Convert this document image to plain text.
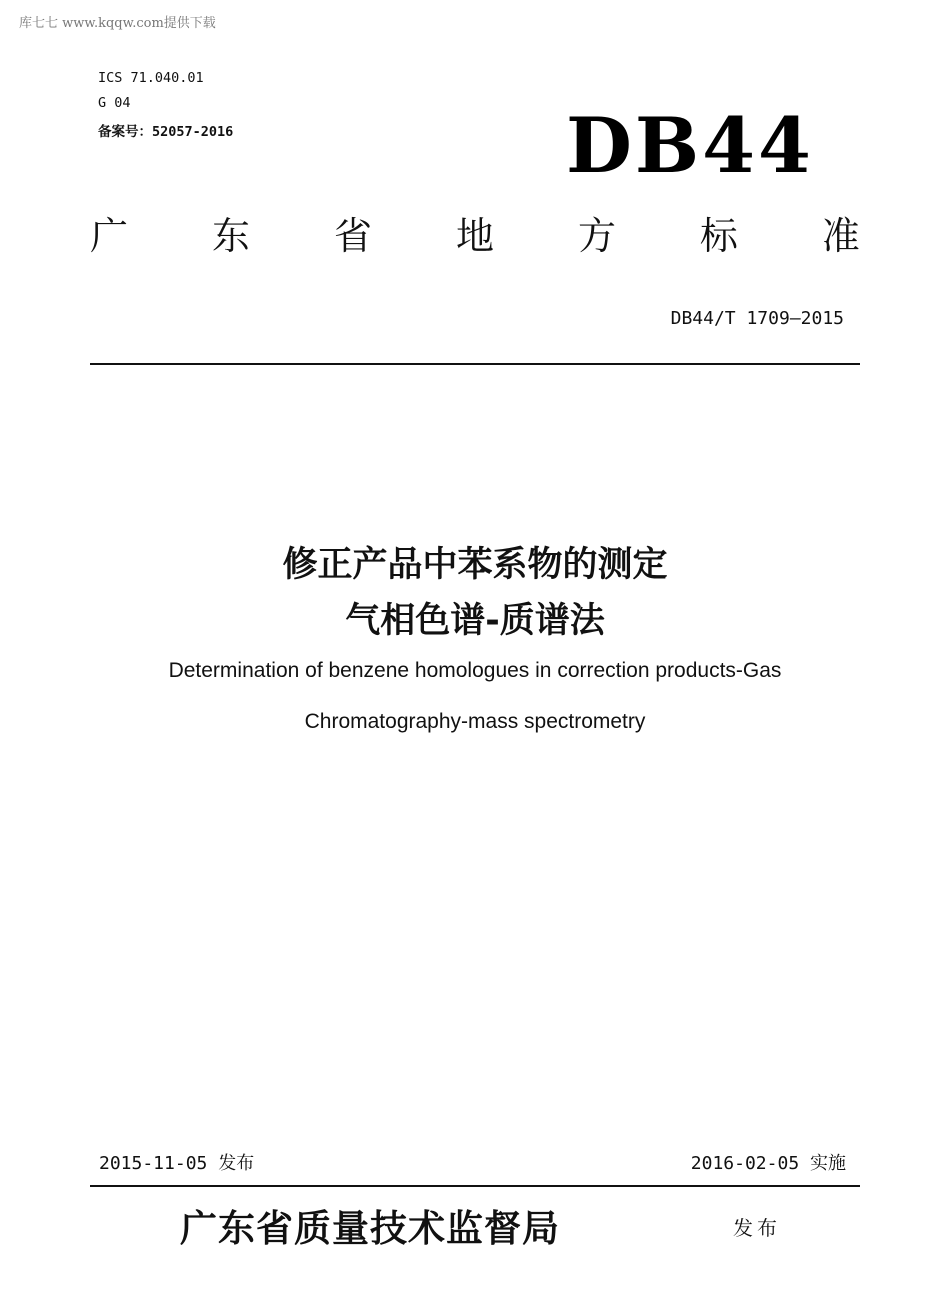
库七七 www.kqqw.com提供下载
ICS 71.040.01
G 04
备案号：52057-2016	DB44
广 东 省 地 方 标 准
DB44/T 1709—2015
修正产品中苯系物的测定
气相色谱-质谱法
Determination of benzene homologues in correction products-Gas
Chromatography-mass spectrometry
2015-11-05 发布	2016-02-05 实施
广东省质量技术监督局	发布
